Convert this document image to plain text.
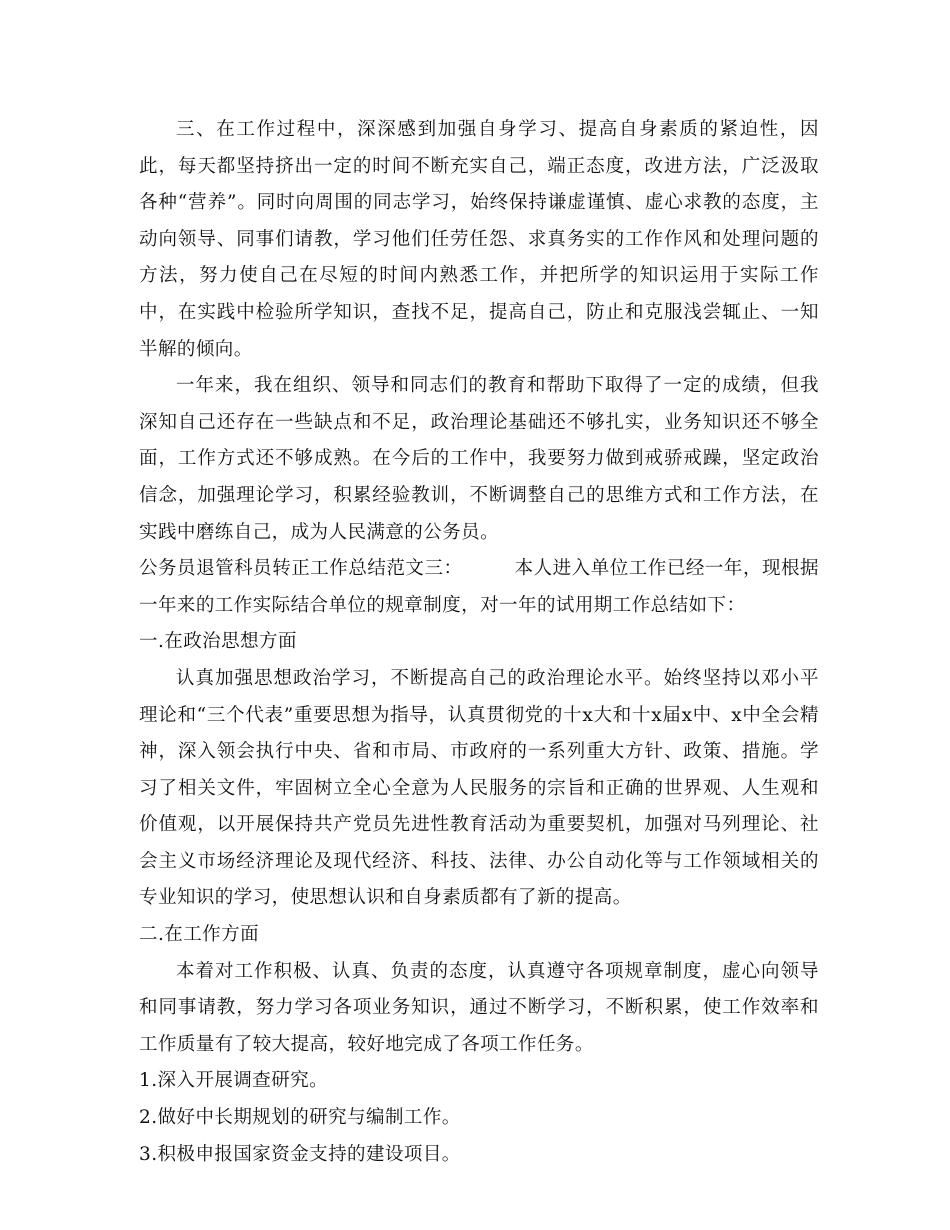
三、在工作过程中，深深感到加强自身学习、提高自身素质的紧迫性，因此，每天都坚持挤出一定的时间不断充实自己，端正态度，改进方法，广泛汲取各种“营养”。同时向周围的同志学习，始终保持谦虚谨慎、虚心求教的态度，主动向领导、同事们请教，学习他们任劳任怨、求真务实的工作作风和处理问题的方法，努力使自己在尽短的时间内熟悉工作，并把所学的知识运用于实际工作中，在实践中检验所学知识，查找不足，提高自己，防止和克服浅尝辄止、一知半解的倾向。

一年来，我在组织、领导和同志们的教育和帮助下取得了一定的成绩，但我深知自己还存在一些缺点和不足，政治理论基础还不够扎实，业务知识还不够全面，工作方式还不够成熟。在今后的工作中，我要努力做到戒骄戒躁，坚定政治信念，加强理论学习，积累经验教训，不断调整自己的思维方式和工作方法，在实践中磨练自己，成为人民满意的公务员。

公务员退管科员转正工作总结范文三：	本人进入单位工作已经一年，现根据一年来的工作实际结合单位的规章制度，对一年的试用期工作总结如下：

一.在政治思想方面

认真加强思想政治学习，不断提高自己的政治理论水平。始终坚持以邓小平理论和“三个代表”重要思想为指导，认真贯彻党的十x大和十x届x中、x中全会精神，深入领会执行中央、省和市局、市政府的一系列重大方针、政策、措施。学习了相关文件，牢固树立全心全意为人民服务的宗旨和正确的世界观、人生观和价值观，以开展保持共产党员先进性教育活动为重要契机，加强对马列理论、社会主义市场经济理论及现代经济、科技、法律、办公自动化等与工作领域相关的专业知识的学习，使思想认识和自身素质都有了新的提高。

二.在工作方面

本着对工作积极、认真、负责的态度，认真遵守各项规章制度，虚心向领导和同事请教，努力学习各项业务知识，通过不断学习，不断积累，使工作效率和工作质量有了较大提高，较好地完成了各项工作任务。

1.深入开展调查研究。

2.做好中长期规划的研究与编制工作。

3.积极申报国家资金支持的建设项目。
